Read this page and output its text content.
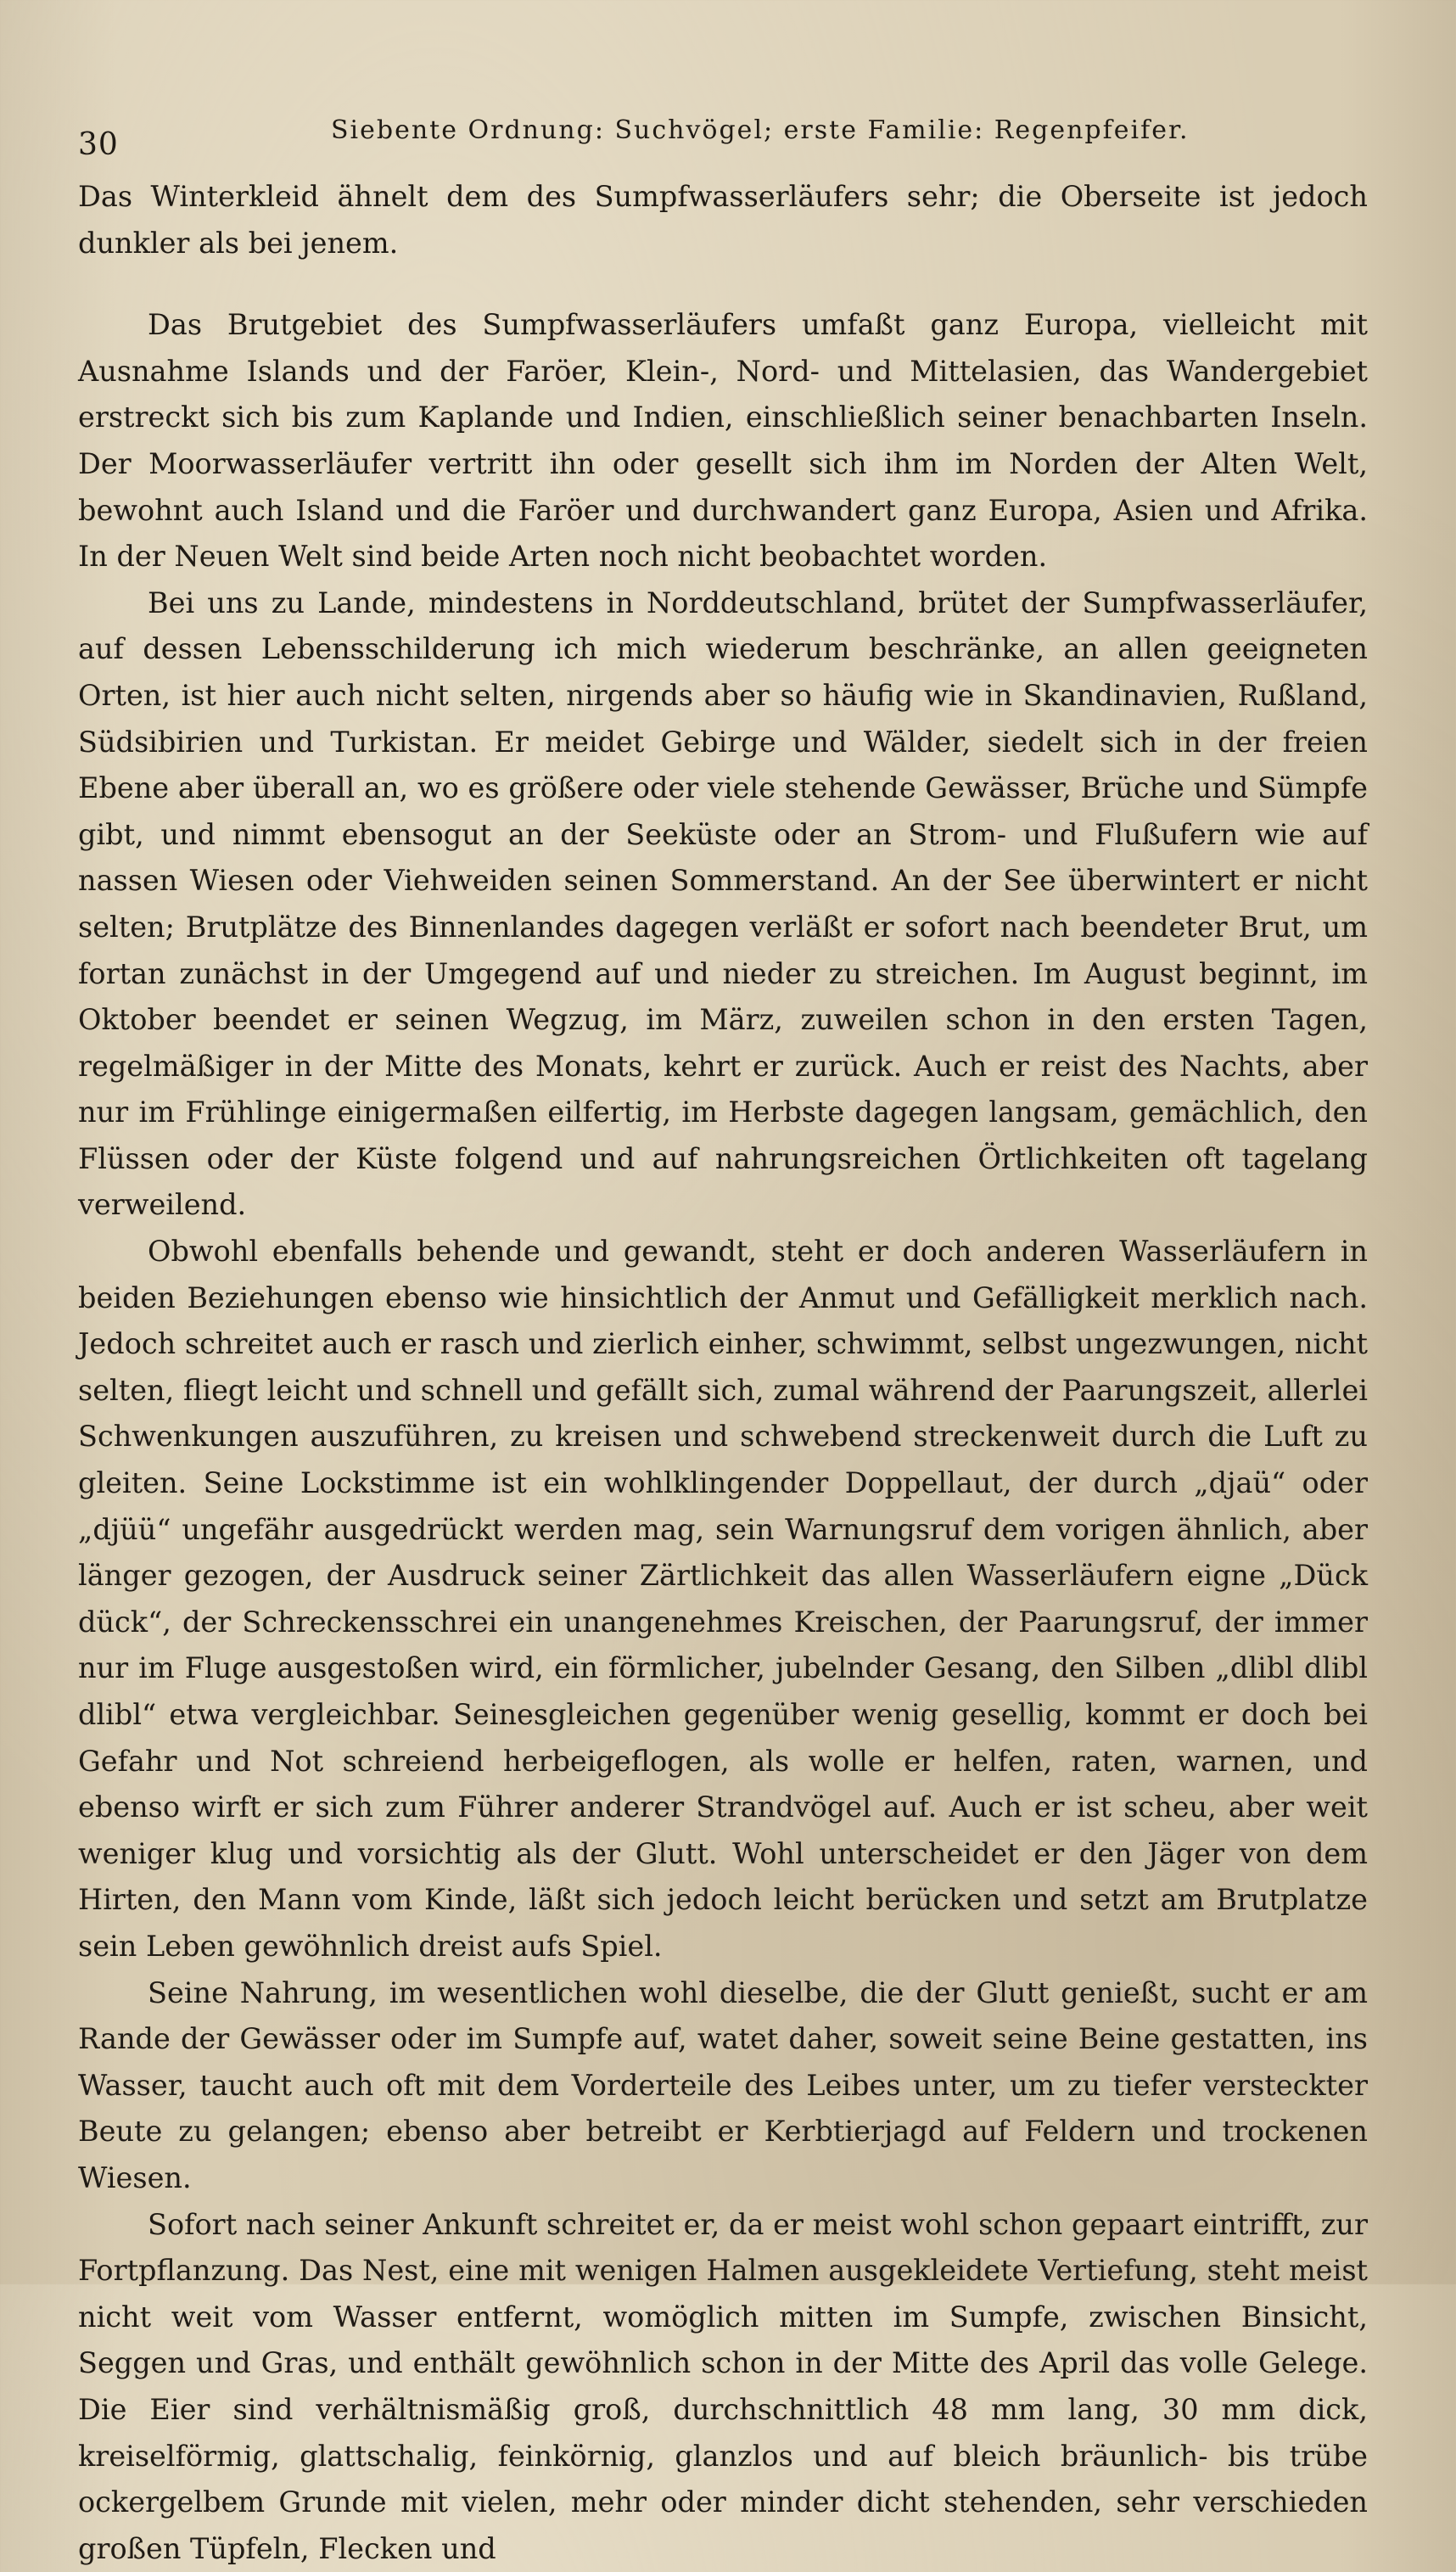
30	Siebente Ordnung: Suchvögel; erste Familie: Regenpfeifer.

Das Winterkleid ähnelt dem des Sumpfwasserläufers sehr; die Oberseite ist jedoch dunkler als bei jenem.

Das Brutgebiet des Sumpfwasserläufers umfaßt ganz Europa, vielleicht mit Ausnahme Islands und der Faröer, Klein-, Nord- und Mittelasien, das Wandergebiet erstreckt sich bis zum Kaplande und Indien, einschließlich seiner benachbarten Inseln. Der Moorwasserläufer vertritt ihn oder gesellt sich ihm im Norden der Alten Welt, bewohnt auch Island und die Faröer und durchwandert ganz Europa, Asien und Afrika. In der Neuen Welt sind beide Arten noch nicht beobachtet worden.

Bei uns zu Lande, mindestens in Norddeutschland, brütet der Sumpfwasserläufer, auf dessen Lebensschilderung ich mich wiederum beschränke, an allen geeigneten Orten, ist hier auch nicht selten, nirgends aber so häufig wie in Skandinavien, Rußland, Südsibirien und Turkistan. Er meidet Gebirge und Wälder, siedelt sich in der freien Ebene aber überall an, wo es größere oder viele stehende Gewässer, Brüche und Sümpfe gibt, und nimmt ebensogut an der Seeküste oder an Strom- und Flußufern wie auf nassen Wiesen oder Viehweiden seinen Sommerstand. An der See überwintert er nicht selten; Brutplätze des Binnenlandes dagegen verläßt er sofort nach beendeter Brut, um fortan zunächst in der Umgegend auf und nieder zu streichen. Im August beginnt, im Oktober beendet er seinen Wegzug, im März, zuweilen schon in den ersten Tagen, regelmäßiger in der Mitte des Monats, kehrt er zurück. Auch er reist des Nachts, aber nur im Frühlinge einigermaßen eilfertig, im Herbste dagegen langsam, gemächlich, den Flüssen oder der Küste folgend und auf nahrungsreichen Örtlichkeiten oft tagelang verweilend.

Obwohl ebenfalls behende und gewandt, steht er doch anderen Wasserläufern in beiden Beziehungen ebenso wie hinsichtlich der Anmut und Gefälligkeit merklich nach. Jedoch schreitet auch er rasch und zierlich einher, schwimmt, selbst ungezwungen, nicht selten, fliegt leicht und schnell und gefällt sich, zumal während der Paarungszeit, allerlei Schwenkungen auszuführen, zu kreisen und schwebend streckenweit durch die Luft zu gleiten. Seine Lockstimme ist ein wohlklingender Doppellaut, der durch „djaü“ oder „djüü“ ungefähr ausgedrückt werden mag, sein Warnungsruf dem vorigen ähnlich, aber länger gezogen, der Ausdruck seiner Zärtlichkeit das allen Wasserläufern eigne „Dück dück“, der Schreckensschrei ein unangenehmes Kreischen, der Paarungsruf, der immer nur im Fluge ausgestoßen wird, ein förmlicher, jubelnder Gesang, den Silben „dlibl dlibl dlibl“ etwa vergleichbar. Seinesgleichen gegenüber wenig gesellig, kommt er doch bei Gefahr und Not schreiend herbeigeflogen, als wolle er helfen, raten, warnen, und ebenso wirft er sich zum Führer anderer Strandvögel auf. Auch er ist scheu, aber weit weniger klug und vorsichtig als der Glutt. Wohl unterscheidet er den Jäger von dem Hirten, den Mann vom Kinde, läßt sich jedoch leicht berücken und setzt am Brutplatze sein Leben gewöhnlich dreist aufs Spiel.

Seine Nahrung, im wesentlichen wohl dieselbe, die der Glutt genießt, sucht er am Rande der Gewässer oder im Sumpfe auf, watet daher, soweit seine Beine gestatten, ins Wasser, taucht auch oft mit dem Vorderteile des Leibes unter, um zu tiefer versteckter Beute zu gelangen; ebenso aber betreibt er Kerbtierjagd auf Feldern und trockenen Wiesen.

Sofort nach seiner Ankunft schreitet er, da er meist wohl schon gepaart eintrifft, zur Fortpflanzung. Das Nest, eine mit wenigen Halmen ausgekleidete Vertiefung, steht meist nicht weit vom Wasser entfernt, womöglich mitten im Sumpfe, zwischen Binsicht, Seggen und Gras, und enthält gewöhnlich schon in der Mitte des April das volle Gelege. Die Eier sind verhältnismäßig groß, durchschnittlich 48 mm lang, 30 mm dick, kreiselförmig, glattschalig, feinkörnig, glanzlos und auf bleich bräunlich- bis trübe ockergelbem Grunde mit vielen, mehr oder minder dicht stehenden, sehr verschieden großen Tüpfeln, Flecken und
